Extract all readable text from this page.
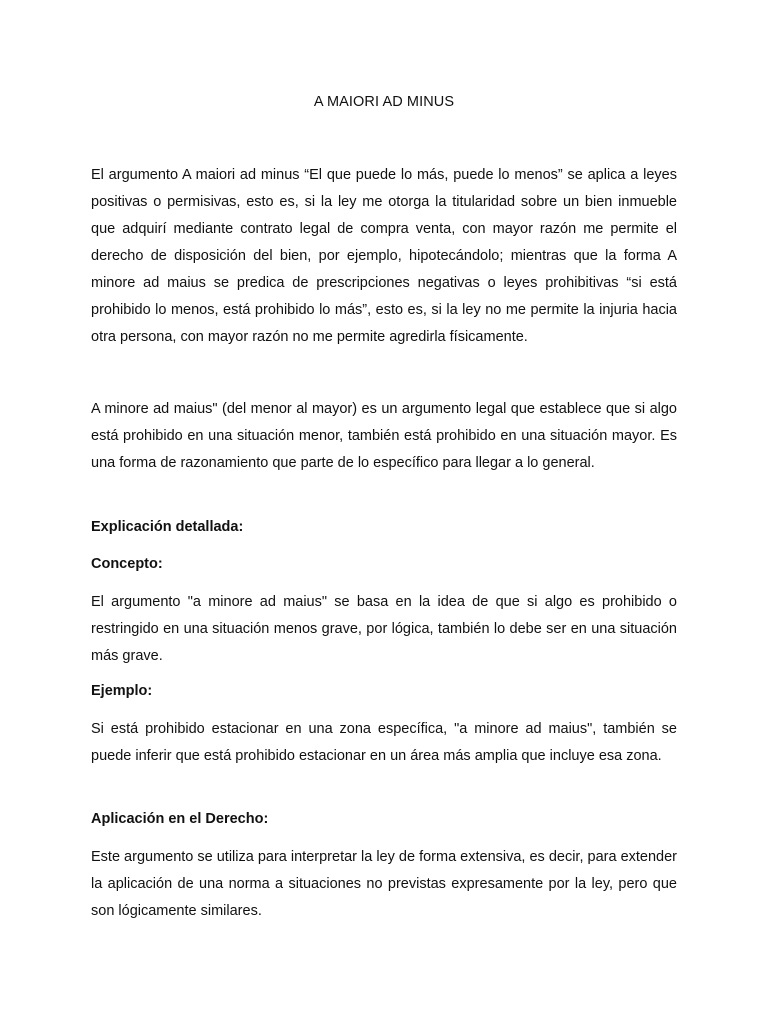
A MAIORI AD MINUS

El argumento A maiori ad minus “El que puede lo más, puede lo menos” se aplica a leyes positivas o permisivas, esto es, si la ley me otorga la titularidad sobre un bien inmueble que adquirí mediante contrato legal de compra venta, con mayor razón me permite el derecho de disposición del bien, por ejemplo, hipotecándolo; mientras que la forma A minore ad maius se predica de prescripciones negativas o leyes prohibitivas “si está prohibido lo menos, está prohibido lo más”, esto es, si la ley no me permite la injuria hacia otra persona, con mayor razón no me permite agredirla físicamente.

A minore ad maius" (del menor al mayor) es un argumento legal que establece que si algo está prohibido en una situación menor, también está prohibido en una situación mayor. Es una forma de razonamiento que parte de lo específico para llegar a lo general.

Explicación detallada:

Concepto:

El argumento "a minore ad maius" se basa en la idea de que si algo es prohibido o restringido en una situación menos grave, por lógica, también lo debe ser en una situación más grave.

Ejemplo:

Si está prohibido estacionar en una zona específica, "a minore ad maius", también se puede inferir que está prohibido estacionar en un área más amplia que incluye esa zona.

Aplicación en el Derecho:

Este argumento se utiliza para interpretar la ley de forma extensiva, es decir, para extender la aplicación de una norma a situaciones no previstas expresamente por la ley, pero que son lógicamente similares.
